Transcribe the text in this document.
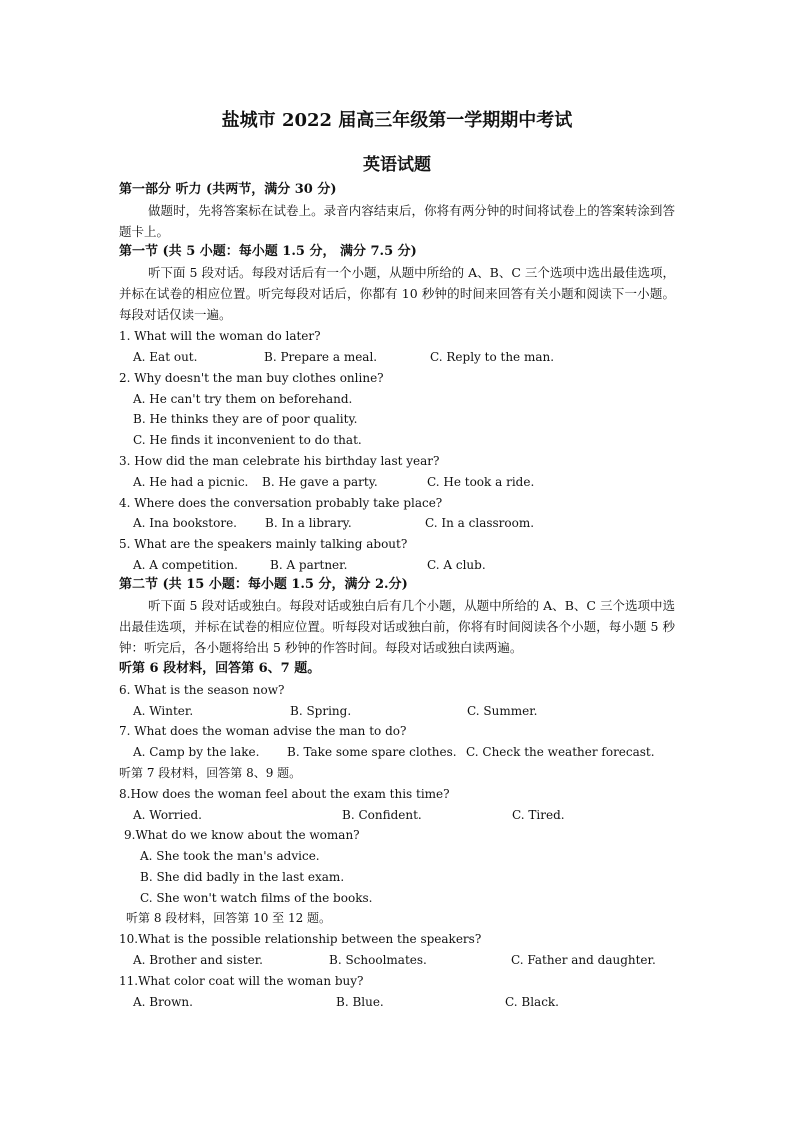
盐城市 2022 届高三年级第一学期期中考试
英语试题
第一部分 听力 (共两节，满分 30 分)
做题时，先将答案标在试卷上。录音内容结束后，你将有两分钟的时间将试卷上的答案转涂到答题卡上。
第一节 (共 5 小题：每小题 1.5 分， 满分 7.5 分)
听下面 5 段对话。每段对话后有一个小题，从题中所给的 A、B、C 三个选项中选出最佳选项，并标在试卷的相应位置。听完每段对话后，你都有 10 秒钟的时间来回答有关小题和阅读下一小题。每段对话仅读一遍。
1. What will the woman do later?
A. Eat out.	B. Prepare a meal.	C. Reply to the man.
2. Why doesn't the man buy clothes online?
A. He can't try them on beforehand.
B. He thinks they are of poor quality.
C. He finds it inconvenient to do that.
3. How did the man celebrate his birthday last year?
A. He had a picnic. B. He gave a party.	C. He took a ride.
4. Where does the conversation probably take place?
A. Ina bookstore. B. In a library.	C. In a classroom.
5. What are the speakers mainly talking about?
A. A competition.	B. A partner.	C. A club.
第二节 (共 15 小题：每小题 1.5 分，满分 2.分)
听下面 5 段对话或独白。每段对话或独白后有几个小题，从题中所给的 A、B、C 三个选项中选出最佳选项，并标在试卷的相应位置。听每段对话或独白前，你将有时间阅读各个小题，每小题 5 秒钟：听完后，各小题将给出 5 秒钟的作答时间。每段对话或独白读两遍。
听第 6 段材料，回答第 6、7 题。
6. What is the season now?
A. Winter.	B. Spring.	C. Summer.
7. What does the woman advise the man to do?
A. Camp by the lake. B. Take some spare clothes. C. Check the weather forecast.
听第 7 段材料，回答第 8、9 题。
8.How does the woman feel about the exam this time?
A. Worried.	B. Confident.	C. Tired.
9.What do we know about the woman?
A. She took the man's advice.
B. She did badly in the last exam.
C. She won't watch films of the books.
听第 8 段材料，回答第 10 至 12 题。
10.What is the possible relationship between the speakers?
A. Brother and sister.	B. Schoolmates.	C. Father and daughter.
11.What color coat will the woman buy?
A. Brown.	B. Blue.	C. Black.
